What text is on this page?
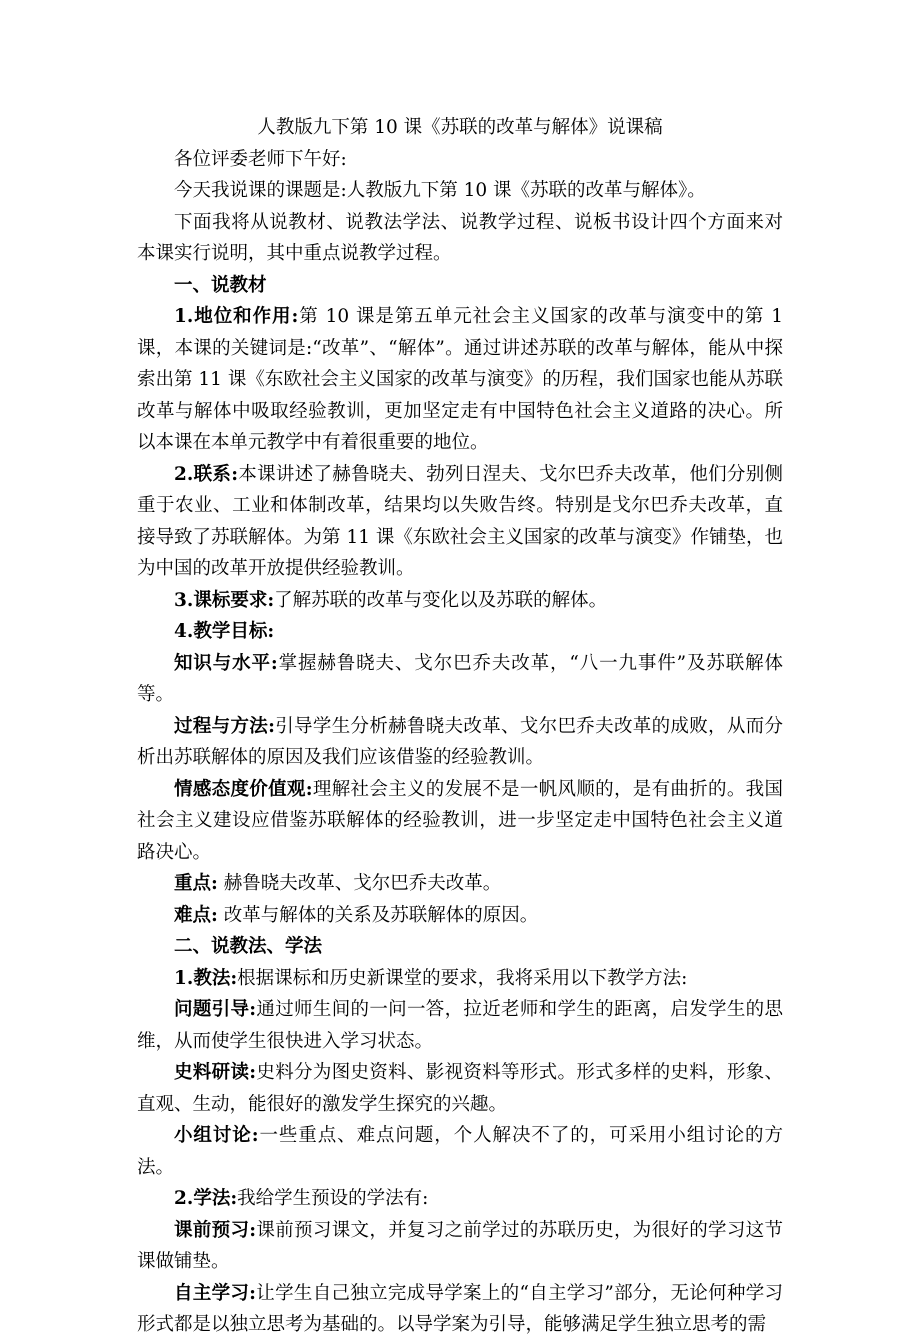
人教版九下第 10 课《苏联的改革与解体》说课稿

各位评委老师下午好:

今天我说课的课题是:人教版九下第 10 课《苏联的改革与解体》。

下面我将从说教材、说教法学法、说教学过程、说板书设计四个方面来对本课实行说明，其中重点说教学过程。

一、说教材

1.地位和作用:第 10 课是第五单元社会主义国家的改革与演变中的第 1 课，本课的关键词是:“改革”、“解体”。通过讲述苏联的改革与解体，能从中探索出第 11 课《东欧社会主义国家的改革与演变》的历程，我们国家也能从苏联改革与解体中吸取经验教训，更加坚定走有中国特色社会主义道路的决心。所以本课在本单元教学中有着很重要的地位。

2.联系:本课讲述了赫鲁晓夫、勃列日涅夫、戈尔巴乔夫改革，他们分别侧重于农业、工业和体制改革，结果均以失败告终。特别是戈尔巴乔夫改革，直接导致了苏联解体。为第 11 课《东欧社会主义国家的改革与演变》作铺垫，也为中国的改革开放提供经验教训。

3.课标要求:了解苏联的改革与变化以及苏联的解体。

4.教学目标:

知识与水平:掌握赫鲁晓夫、戈尔巴乔夫改革，“八一九事件”及苏联解体等。

过程与方法:引导学生分析赫鲁晓夫改革、戈尔巴乔夫改革的成败，从而分析出苏联解体的原因及我们应该借鉴的经验教训。

情感态度价值观:理解社会主义的发展不是一帆风顺的，是有曲折的。我国社会主义建设应借鉴苏联解体的经验教训，进一步坚定走中国特色社会主义道路决心。

重点: 赫鲁晓夫改革、戈尔巴乔夫改革。

难点: 改革与解体的关系及苏联解体的原因。

二、说教法、学法

1.教法:根据课标和历史新课堂的要求，我将采用以下教学方法:

问题引导:通过师生间的一问一答，拉近老师和学生的距离，启发学生的思维，从而使学生很快进入学习状态。

史料研读:史料分为图史资料、影视资料等形式。形式多样的史料，形象、直观、生动，能很好的激发学生探究的兴趣。

小组讨论:一些重点、难点问题，个人解决不了的，可采用小组讨论的方法。

2.学法:我给学生预设的学法有:

课前预习:课前预习课文，并复习之前学过的苏联历史，为很好的学习这节课做铺垫。

自主学习:让学生自己独立完成导学案上的“自主学习”部分，无论何种学习形式都是以独立思考为基础的。以导学案为引导，能够满足学生独立思考的需
